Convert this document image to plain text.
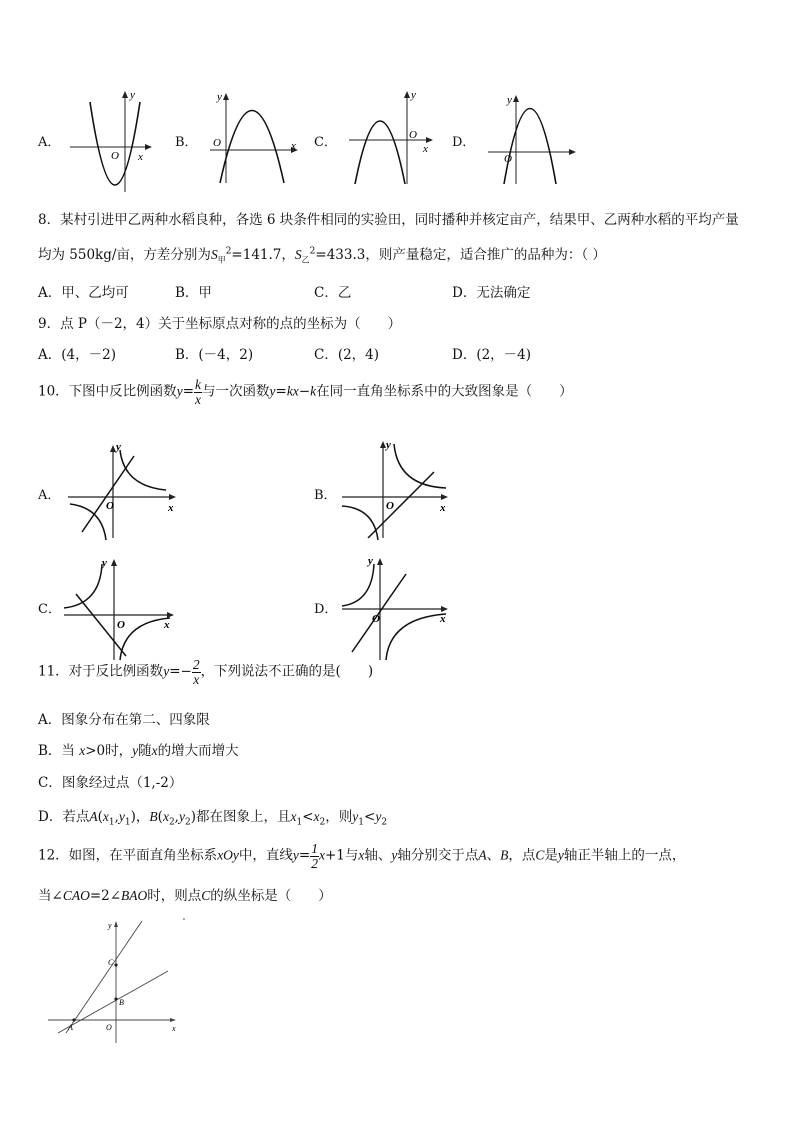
A．
y
x
O
B．
y
O	x C．
y
x
O	D．
y
O
8．某村引进甲乙两种水稻良种，各选 6 块条件相同的实验田，同时播种并核定亩产，结果甲、乙两种水稻的平均产量
均为 550kg/亩，方差分别为$S_甲^2=141.7$，$S_乙^2=433.3$，则产量稳定，适合推广的品种为：（ ）
A．甲、乙均可	B．甲	C．乙	D．无法确定
9．点 P（－2，4）关于坐标原点对称的点的坐标为（　　）
A．(4，－2)	B．(－4，2)	C．(2，4)	D．(2，－4)
10．下图中反比例函数$y= \frac{k}{x}$ 与一次函数y=kx−k在同一直角坐标系中的大致图象是（　　）
A．
y
x
O
B．
y
x
O
C．
y
x
O
D．
y
x
O
11．对于反比例函数$y=- \frac{2}{x}$ ，下列说法不正确的是(　　)
A．图象分布在第二、四象限
B．当 x>0时，y随x的增大而增大
C．图象经过点（1,-2）
D．若点$A(x_1,y_1)$，$B(x_2,y_2)$都在图象上，且$x_1<x_2$，则$y_1<y_2$
12．如图，在平面直角坐标系xOy中，直线$y= \frac{1}{2} x+1$与x轴、y轴分别交于点A、B，点C是y轴正半轴上的一点，
当∠CAO=2∠BAO时，则点C的纵坐标是（　　）
y
x
C
B
A	O
